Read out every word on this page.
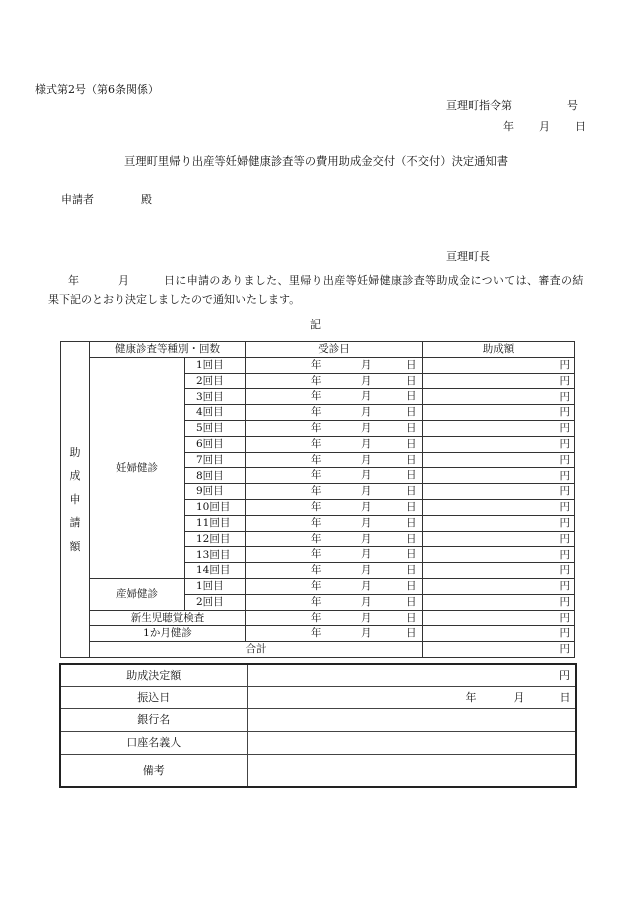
様式第2号（第6条関係）
亘理町指令第　　　　　号
年 月 日
亘理町里帰り出産等妊婦健康診査等の費用助成金交付（不交付）決定通知書
申請者	殿
亘理町長
年	月	日に申請のありました、里帰り出産等妊婦健康診査等助成金については、審査の結
果下記のとおり決定しましたので通知いたします。
記
助
成
申
請
額	健康診査等種別・回数		受診日	助成額
	妊婦健診	1回目	年 月 日	円
		2回目	年 月 日	円
		3回目	年 月 日	円
		4回目	年 月 日	円
		5回目	年 月 日	円
		6回目	年 月 日	円
		7回目	年 月 日	円
		8回目	年 月 日	円
		9回目	年 月 日	円
		10回目	年 月 日	円
		11回目	年 月 日	円
		12回目	年 月 日	円
		13回目	年 月 日	円
		14回目	年 月 日	円
	産婦健診	1回目	年 月 日	円
		2回目	年 月 日	円
	新生児聴覚検査		年 月 日	円
	1か月健診		年 月 日	円
	合計			円
助成決定額	円
振込日	年 月 日

銀行名	
口座名義人	
備考	
